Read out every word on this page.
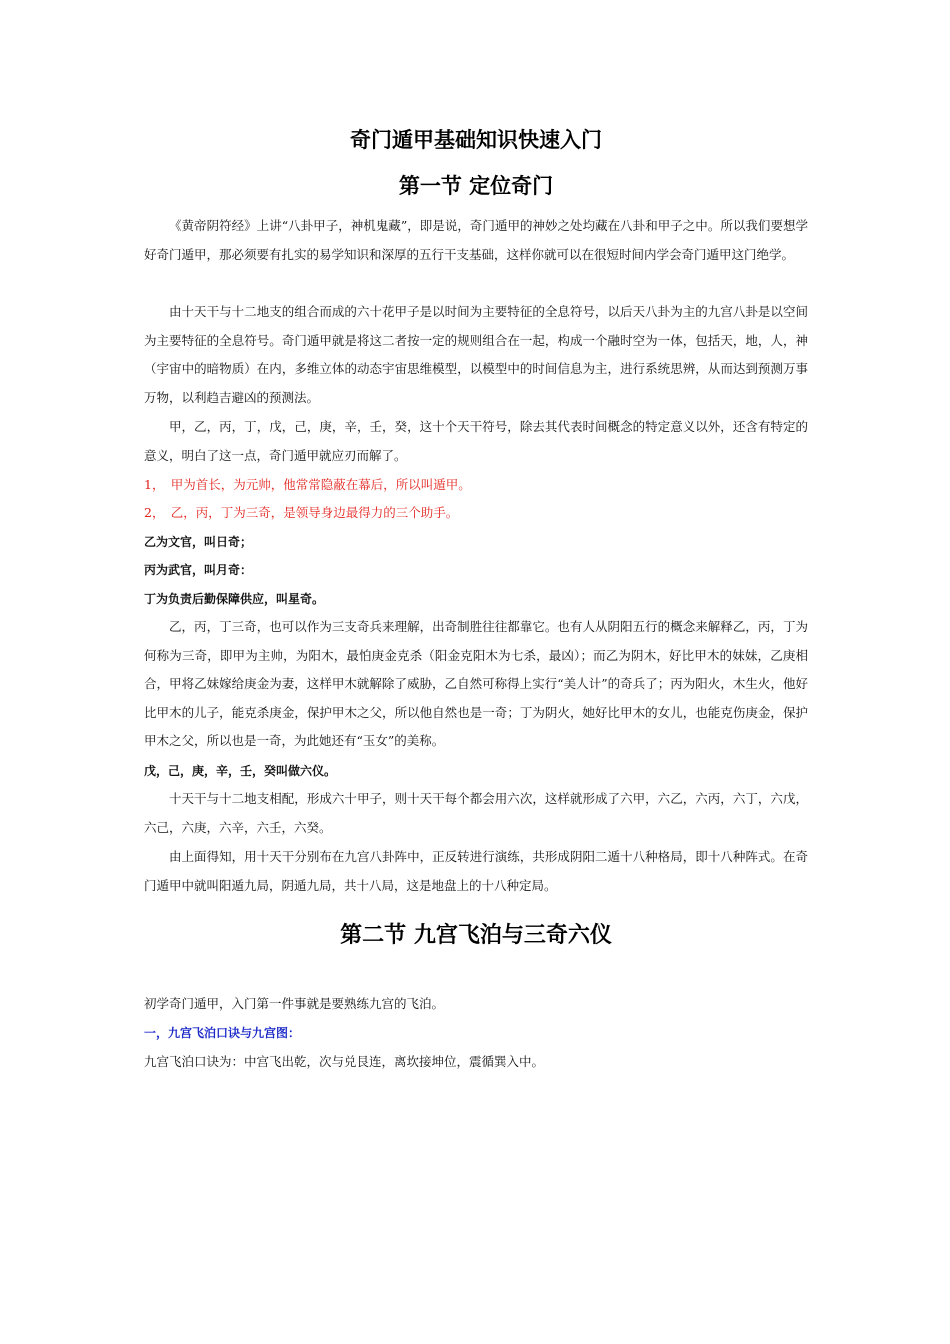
奇门遁甲基础知识快速入门
第一节 定位奇门
《黄帝阴符经》上讲“八卦甲子，神机鬼藏”，即是说，奇门遁甲的神妙之处均藏在八卦和甲子之中。所以我们要想学好奇门遁甲，那必须要有扎实的易学知识和深厚的五行干支基础，这样你就可以在很短时间内学会奇门遁甲这门绝学。
由十天干与十二地支的组合而成的六十花甲子是以时间为主要特征的全息符号，以后天八卦为主的九宫八卦是以空间为主要特征的全息符号。奇门遁甲就是将这二者按一定的规则组合在一起，构成一个融时空为一体，包括天，地，人，神（宇宙中的暗物质）在内，多维立体的动态宇宙思维模型，以模型中的时间信息为主，进行系统思辨，从而达到预测万事万物，以利趋吉避凶的预测法。
甲，乙，丙，丁，戊，己，庚，辛，壬，癸，这十个天干符号，除去其代表时间概念的特定意义以外，还含有特定的意义，明白了这一点，奇门遁甲就应刃而解了。
1，　甲为首长，为元帅，他常常隐蔽在幕后，所以叫遁甲。
2，　乙，丙，丁为三奇，是领导身边最得力的三个助手。
乙为文官，叫日奇；
丙为武官，叫月奇：
丁为负责后勤保障供应，叫星奇。
乙，丙，丁三奇，也可以作为三支奇兵来理解，出奇制胜往往都靠它。也有人从阴阳五行的概念来解释乙，丙，丁为何称为三奇，即甲为主帅，为阳木，最怕庚金克杀（阳金克阳木为七杀，最凶）；而乙为阴木，好比甲木的妹妹，乙庚相合，甲将乙妹嫁给庚金为妻，这样甲木就解除了威胁，乙自然可称得上实行“美人计”的奇兵了；丙为阳火，木生火，他好比甲木的儿子，能克杀庚金，保护甲木之父，所以他自然也是一奇；丁为阴火，她好比甲木的女儿，也能克伤庚金，保护甲木之父，所以也是一奇，为此她还有“玉女”的美称。
戊，己，庚，辛，壬，癸叫做六仪。
十天干与十二地支相配，形成六十甲子，则十天干每个都会用六次，这样就形成了六甲，六乙，六丙，六丁，六戊，六己，六庚，六辛，六壬，六癸。
由上面得知，用十天干分别布在九宫八卦阵中，正反转进行演练，共形成阴阳二遁十八种格局，即十八种阵式。在奇门遁甲中就叫阳遁九局，阴遁九局，共十八局，这是地盘上的十八种定局。
第二节 九宫飞泊与三奇六仪
初学奇门遁甲，入门第一件事就是要熟练九宫的飞泊。
一，九宫飞泊口诀与九宫图：
九宫飞泊口诀为：中宫飞出乾，次与兑艮连，离坎接坤位，震循巽入中。
